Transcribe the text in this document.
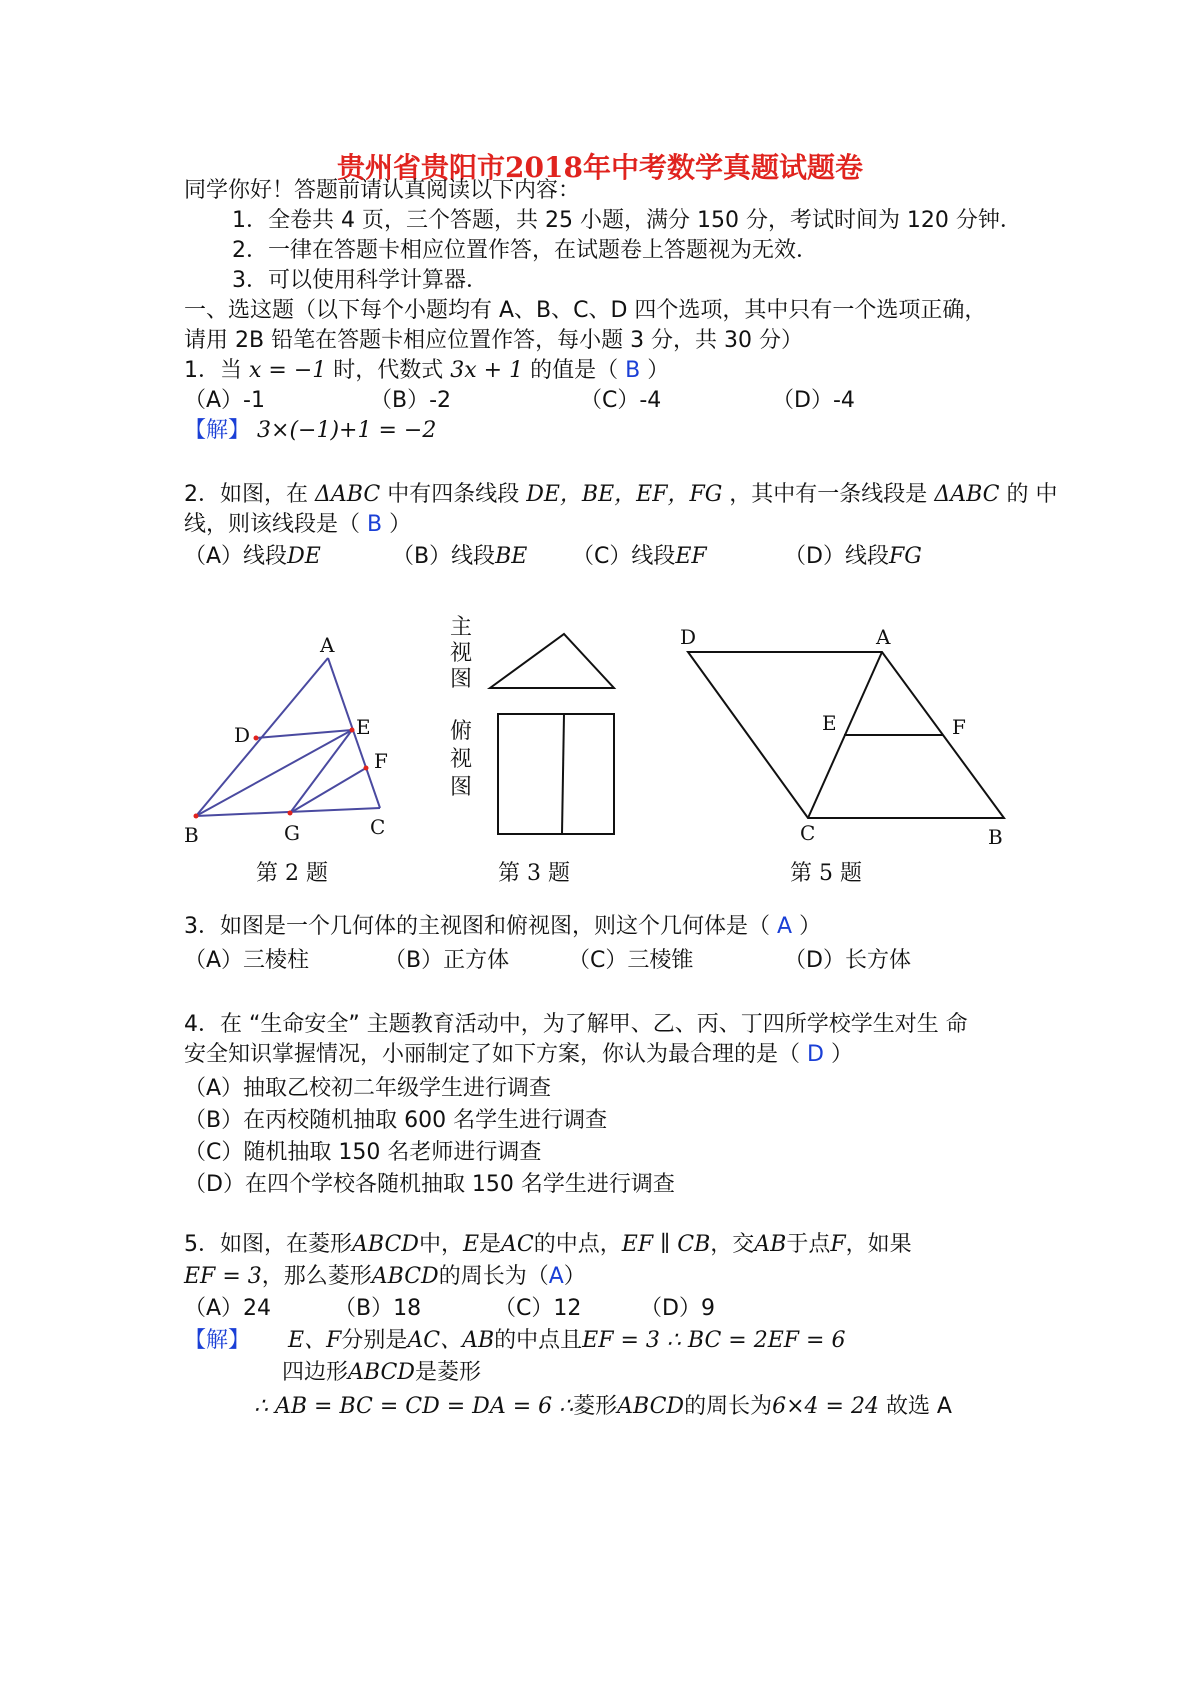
贵州省贵阳市2018年中考数学真题试题卷
同学你好！答题前请认真阅读以下内容：
1．全卷共 4 页，三个答题，共 25 小题，满分 150 分，考试时间为 120 分钟．
2．一律在答题卡相应位置作答，在试题卷上答题视为无效．
3．可以使用科学计算器．
一、选这题（以下每个小题均有 A、B、C、D 四个选项，其中只有一个选项正确，
请用 2B 铅笔在答题卡相应位置作答，每小题 3 分，共 30 分）
1．当 x = −1 时，代数式 3x + 1 的值是（ B ）
（A）-1	（B）-2	（C）-4	（D）-4
【解】 3×(−1)+1 = −2
2．如图，在 ΔABC 中有四条线段 DE，BE，EF，FG ，其中有一条线段是 ΔABC 的 中
线，则该线段是（ B ）
（A）线段DE	（B）线段BE （C）线段EF	（D）线段FG
A
D	E
F
G
B	C
第 2 题
主
视
图
俯
视
图
第 3 题
D	A
E	F
C	B
第 5 题
3．如图是一个几何体的主视图和俯视图，则这个几何体是（ A ）
（A）三棱柱	（B）正方体	（C）三棱锥	（D）长方体
4．在 “生命安全” 主题教育活动中，为了解甲、乙、丙、丁四所学校学生对生 命
安全知识掌握情况，小丽制定了如下方案，你认为最合理的是（ D ）
（A）抽取乙校初二年级学生进行调查
（B）在丙校随机抽取 600 名学生进行调查
（C）随机抽取 150 名老师进行调查
（D）在四个学校各随机抽取 150 名学生进行调查
5．如图，在菱形ABCD中，E是AC的中点，EF ∥ CB，交AB于点F，如果
EF = 3，那么菱形ABCD的周长为（A）
（A）24	（B）18	（C）12	（D）9
【解】 E、F分别是AC、AB的中点且EF = 3 ∴ BC = 2EF = 6
四边形ABCD是菱形
∴ AB = BC = CD = DA = 6 ∴菱形ABCD的周长为6×4 = 24 故选 A
